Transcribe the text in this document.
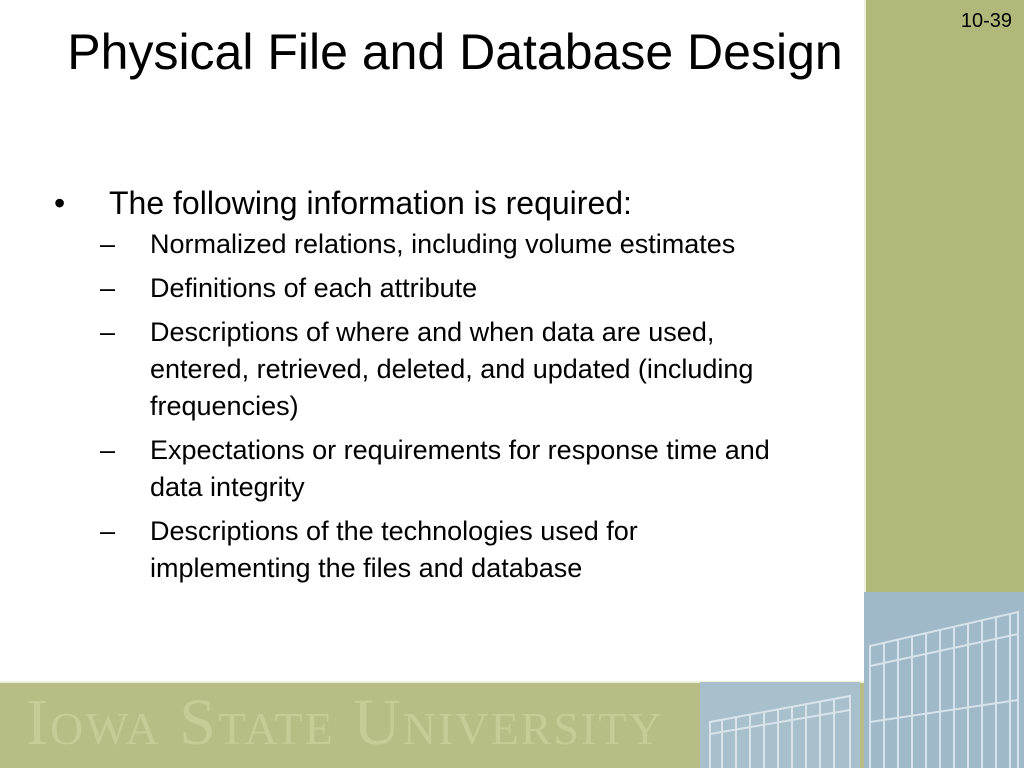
Iowa State University
10-39
Physical File and Database Design
•	The following information is required:
–	Normalized relations, including volume estimates
–	Definitions of each attribute
–	Descriptions of where and when data are used, entered, retrieved, deleted, and updated (including frequencies)
–	Expectations or requirements for response time and data integrity
–	Descriptions of the technologies used for implementing the files and database
